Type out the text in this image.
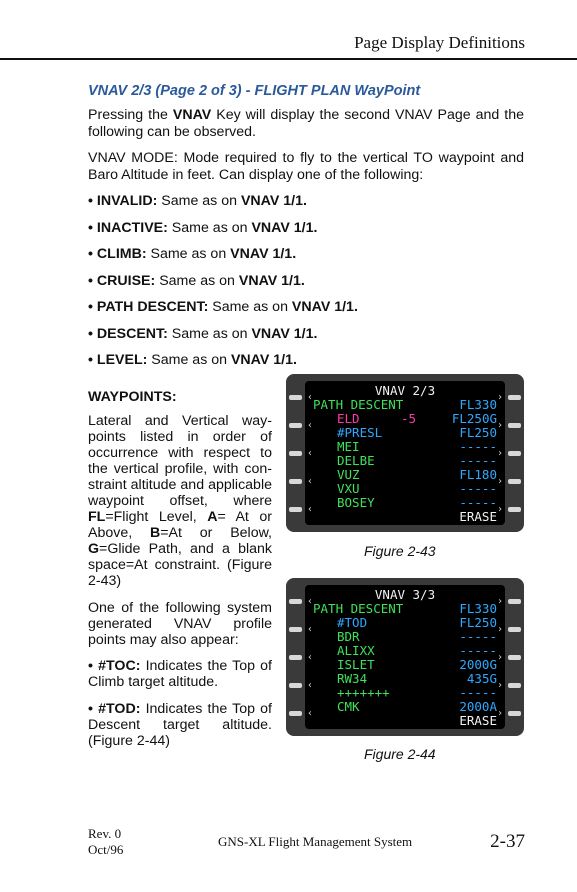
Page Display Definitions
VNAV 2/3 (Page 2 of 3) - FLIGHT PLAN WayPoint

Pressing the VNAV Key will display the second VNAV Page and the following can be observed.

VNAV MODE: Mode required to fly to the vertical TO waypoint and Baro Altitude in feet. Can display one of the following:

• INVALID: Same as on VNAV 1/1.
• INACTIVE: Same as on VNAV 1/1.
• CLIMB: Same as on VNAV 1/1.
• CRUISE: Same as on VNAV 1/1.
• PATH DESCENT: Same as on VNAV 1/1.
• DESCENT: Same as on VNAV 1/1.
• LEVEL: Same as on VNAV 1/1.
WAYPOINTS:

Lateral and Vertical way-points listed in order of occurrence with respect to the vertical profile, with con-straint altitude and applicable waypoint offset, where FL=Flight Level, A= At or Above, B=At or Below, G=Glide Path, and a blank space=At constraint. (Figure 2-43)

One of the following system generated VNAV profile points may also appear:

• #TOC: Indicates the Top of Climb target altitude.

• #TOD: Indicates the Top of Descent target altitude. (Figure 2-44)

‹
‹
‹
‹
‹
›
›
›
›
›
VNAV 2/3
PATH DESCENT	FL330
ELD	-5	FL250G
#PRESL	FL250
MEI	-----
DELBE	-----
VUZ	FL180
VXU	-----
BOSEY	-----
ERASE
Figure 2-43
‹
‹
‹
‹
‹
›
›
›
›
›
VNAV 3/3
PATH DESCENT	FL330
#TOD	FL250
BDR	-----
ALIXX	-----
ISLET	2000G
RW34	435G
+++++++	-----
CMK	2000A
ERASE
Figure 2-44
Rev. 0
Oct/96
GNS-XL Flight Management System	2-37
